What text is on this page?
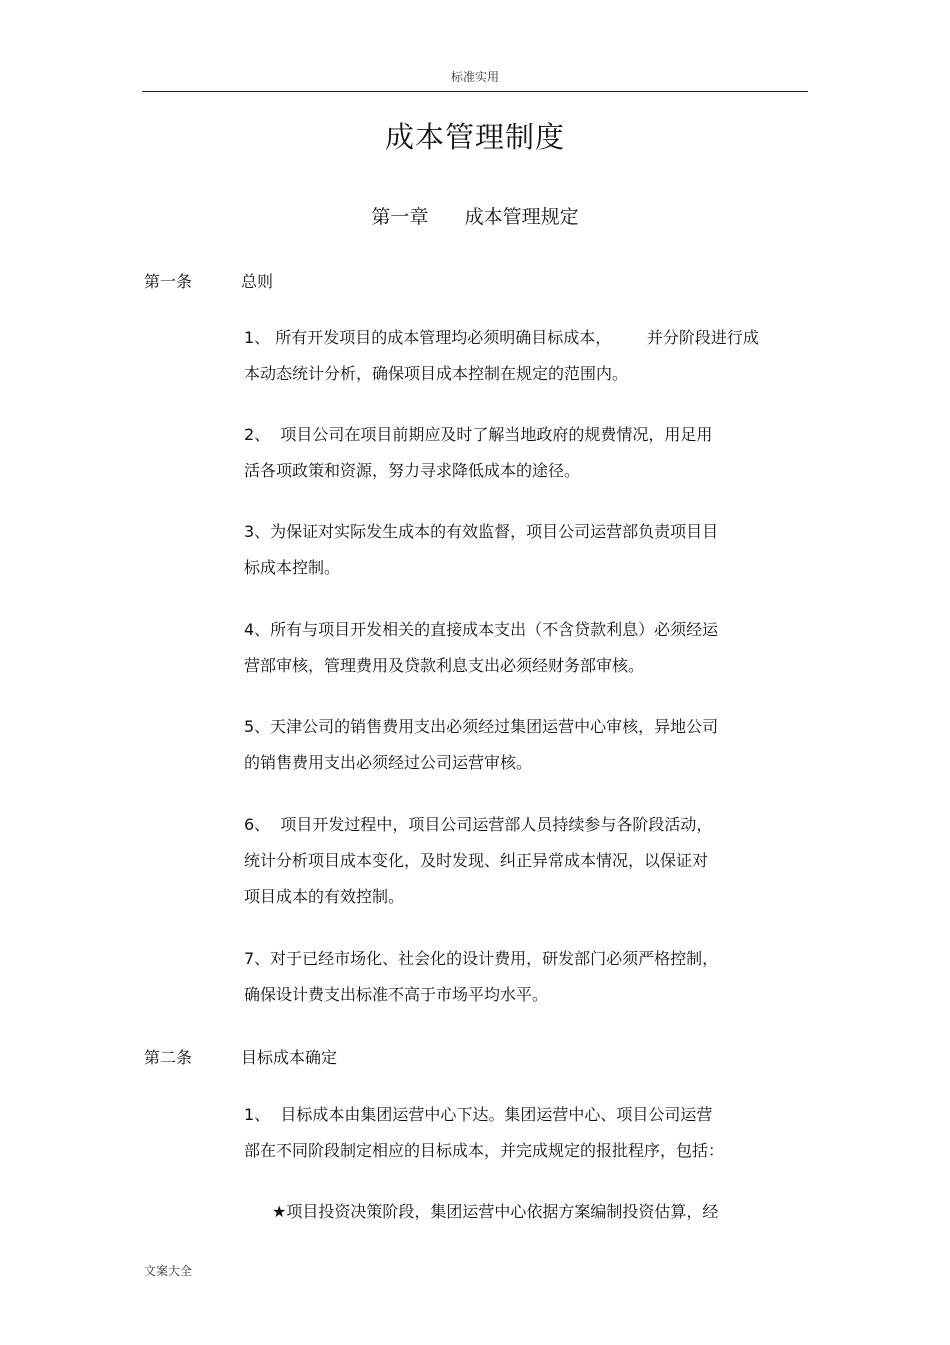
标准实用
成本管理制度
第一章      成本管理规定
第一条	总则
1、 所有开发项目的成本管理均必须明确目标成本，       并分阶段进行成
本动态统计分析，确保项目成本控制在规定的范围内。
2、  项目公司在项目前期应及时了解当地政府的规费情况，用足用
活各项政策和资源，努力寻求降低成本的途径。
3、为保证对实际发生成本的有效监督，项目公司运营部负责项目目
标成本控制。
4、所有与项目开发相关的直接成本支出（不含贷款利息）必须经运
营部审核，管理费用及贷款利息支出必须经财务部审核。
5、天津公司的销售费用支出必须经过集团运营中心审核，异地公司
的销售费用支出必须经过公司运营审核。
6、  项目开发过程中，项目公司运营部人员持续参与各阶段活动，
统计分析项目成本变化，及时发现、纠正异常成本情况，以保证对
项目成本的有效控制。
7、对于已经市场化、社会化的设计费用，研发部门必须严格控制，
确保设计费支出标准不高于市场平均水平。
第二条	目标成本确定
1、  目标成本由集团运营中心下达。集团运营中心、项目公司运营
部在不同阶段制定相应的目标成本，并完成规定的报批程序，包括：
★项目投资决策阶段，集团运营中心依据方案编制投资估算，经
文案大全
